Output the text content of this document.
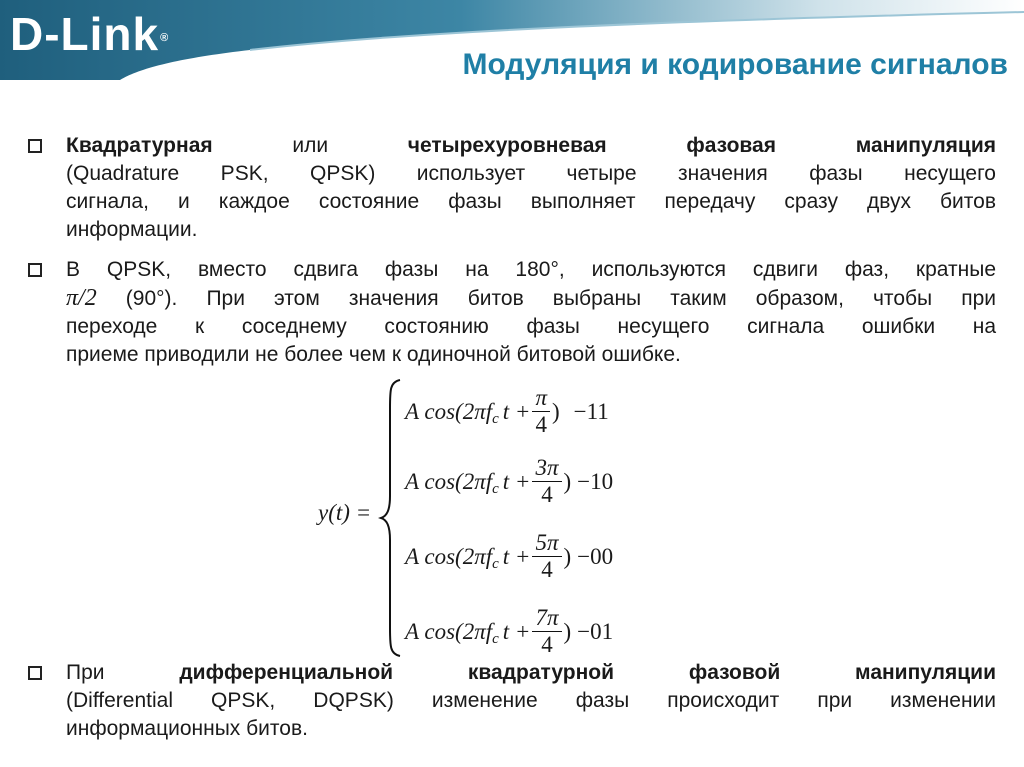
D-Link®
Модуляция и кодирование сигналов
Квадратурная или четырехуровневая фазовая манипуляция
(Quadrature PSK, QPSK) использует четыре значения фазы несущего
сигнала, и каждое состояние фазы выполняет передачу сразу двух битов
информации.
В QPSK, вместо сдвига фазы на 180°, используются сдвиги фаз, кратные
π/2 (90°). При этом значения битов выбраны таким образом, чтобы при
переходе к соседнему состоянию фазы несущего сигнала ошибки на
приеме приводили не более чем к одиночной битовой ошибке.
y(t) =
A cos(2πf c $t + \frac{\pi}{4}$ ) −11
A cos(2πf c $t + \frac{3\pi}{4}$ ) −10
A cos(2πf c $t + \frac{5\pi}{4}$ ) −00
A cos(2πf c $t + \frac{7\pi}{4}$ ) −01
При дифференциальной квадратурной фазовой манипуляции
(Differential QPSK, DQPSK) изменение фазы происходит при изменении
информационных битов.
